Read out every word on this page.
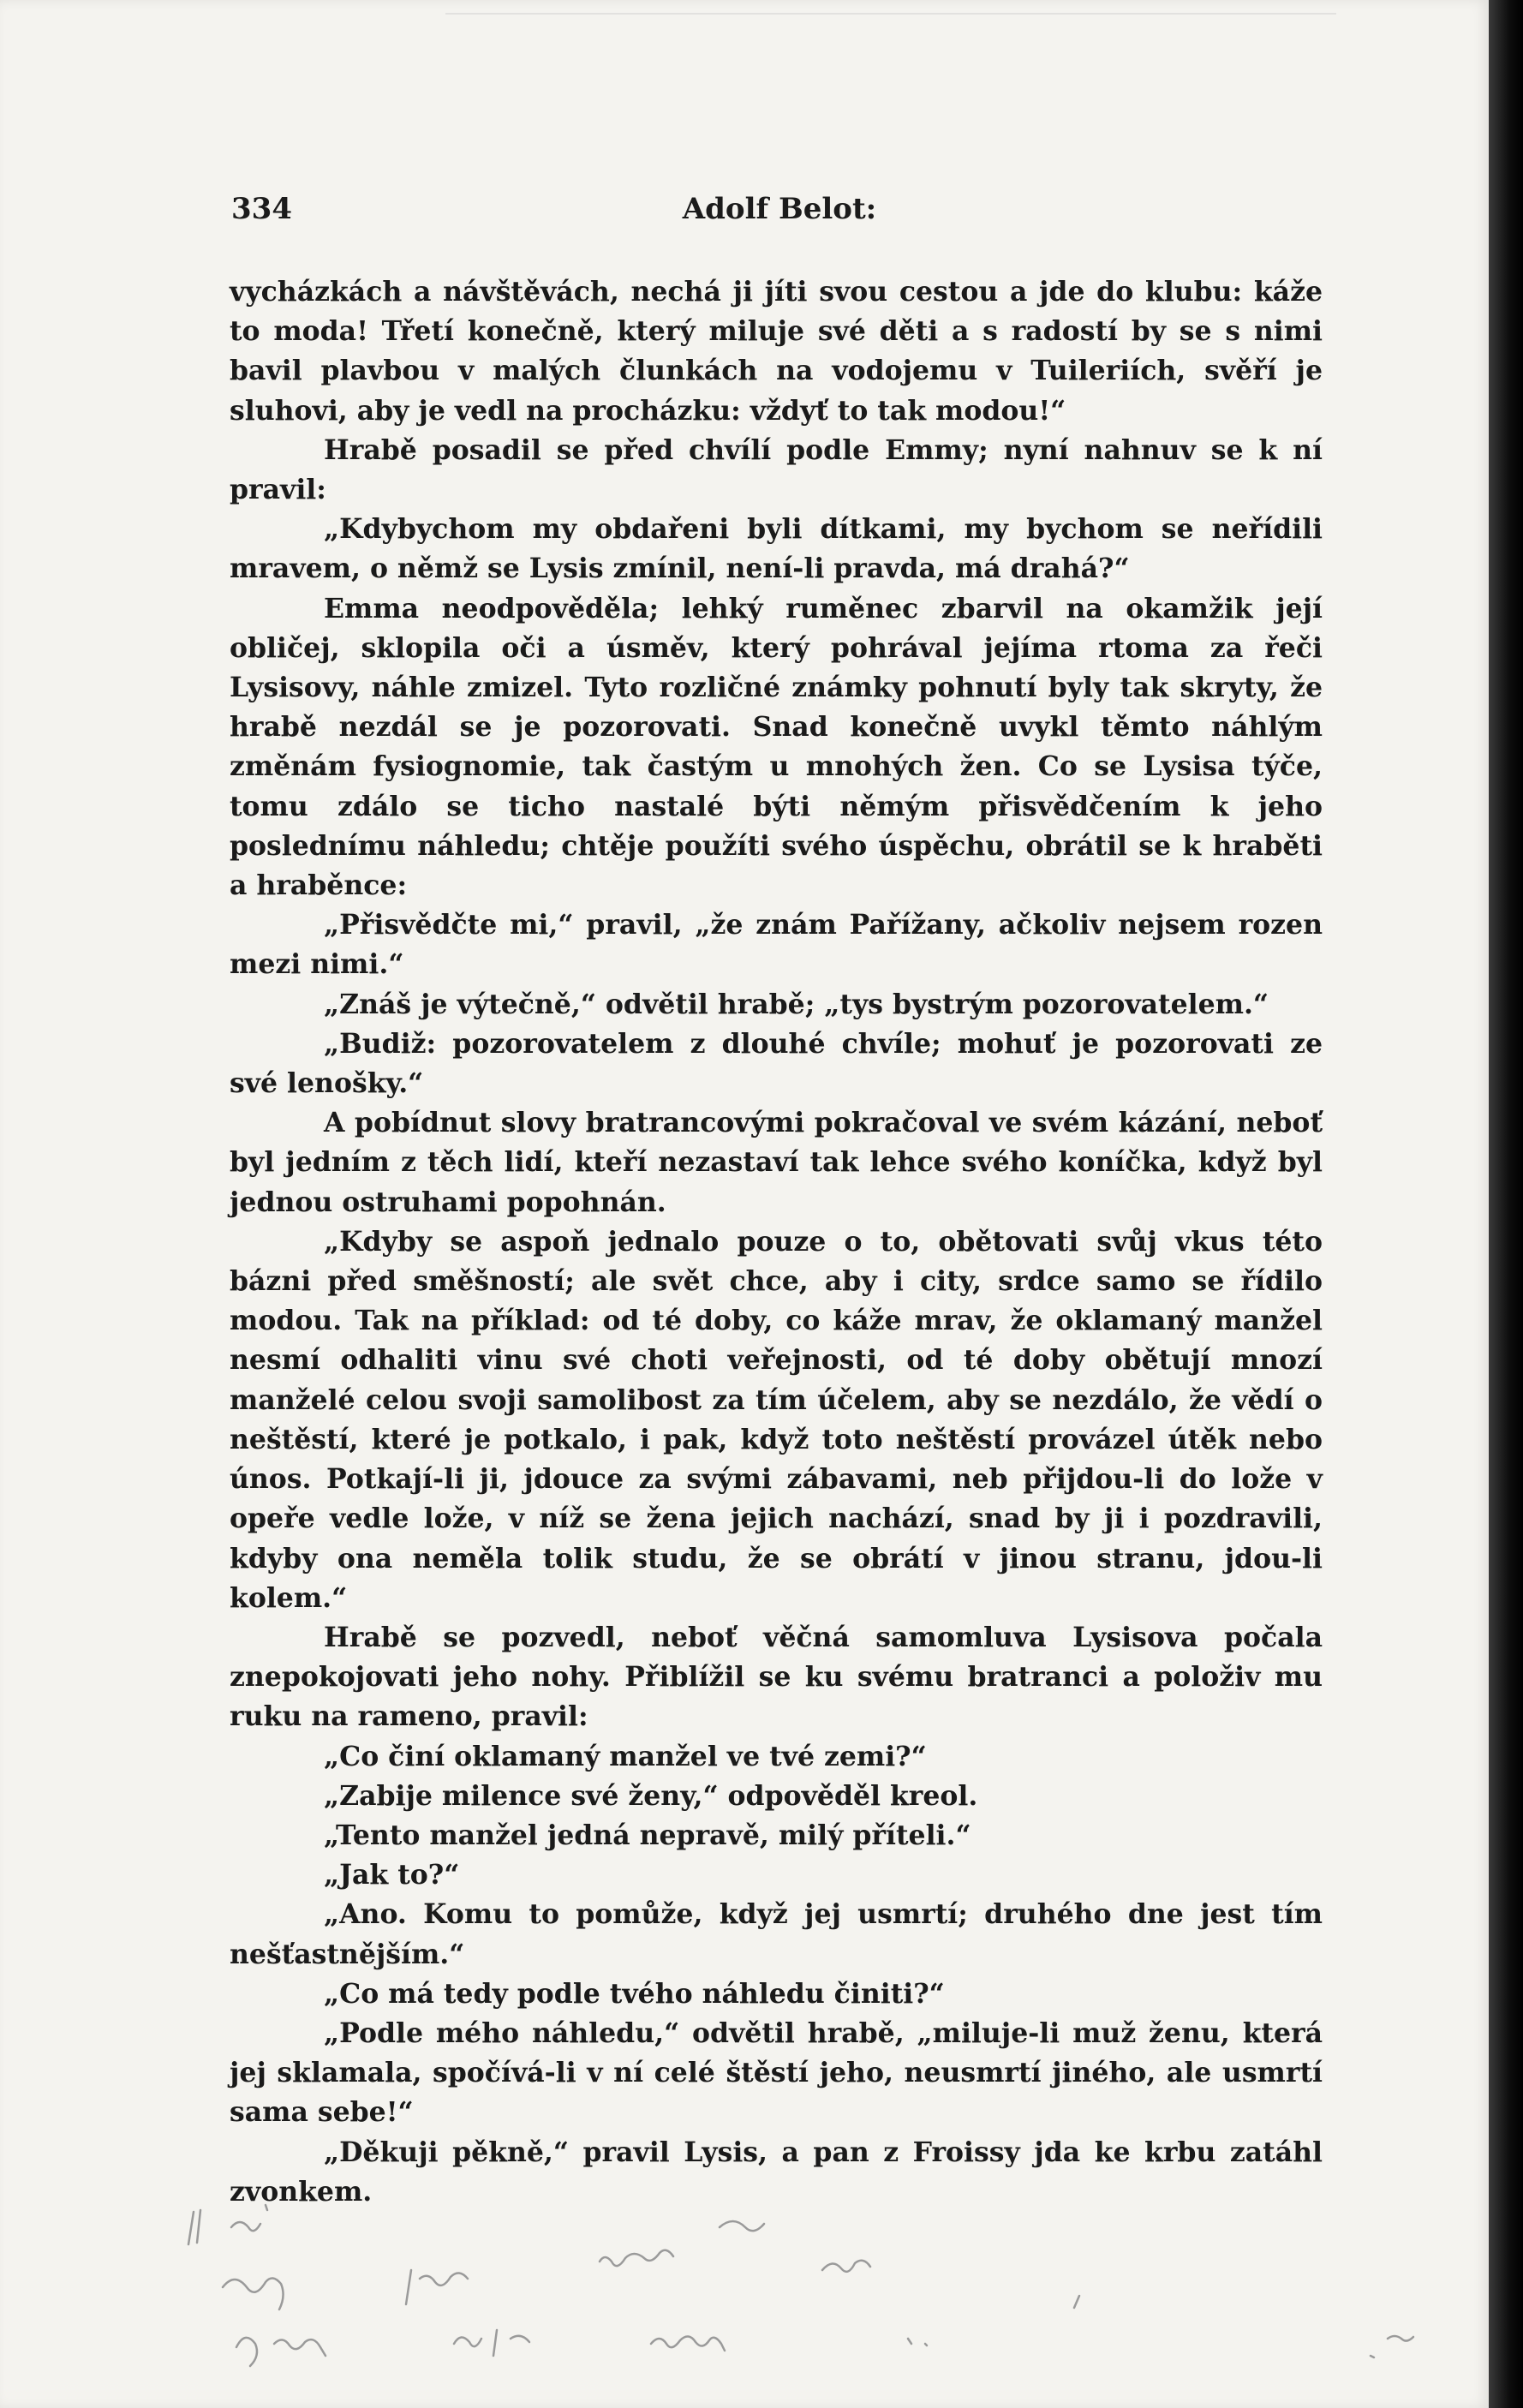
334	Adolf Belot:

vycházkách a návštěvách, nechá ji jíti svou cestou a jde do klubu: káže to moda! Třetí konečně, který miluje své děti a s radostí by se s nimi bavil plavbou v malých člunkách na vodojemu v Tuileriích, svěří je sluhovi, aby je vedl na procházku: vždyť to tak modou!“

Hrabě posadil se před chvílí podle Emmy; nyní nahnuv se k ní pravil:

„Kdybychom my obdařeni byli dítkami, my bychom se neřídili mravem, o němž se Lysis zmínil, není-li pravda, má drahá?“

Emma neodpověděla; lehký ruměnec zbarvil na okamžik její obličej, sklopila oči a úsměv, který pohrával jejíma rtoma za řeči Lysisovy, náhle zmizel. Tyto rozličné známky pohnutí byly tak skryty, že hrabě nezdál se je pozorovati. Snad konečně uvykl těmto náhlým změnám fysiognomie, tak častým u mnohých žen. Co se Lysisa týče, tomu zdálo se ticho nastalé býti němým přisvědčením k jeho poslednímu náhledu; chtěje použíti svého úspěchu, obrátil se k hraběti a hraběnce:

„Přisvědčte mi,“ pravil, „že znám Pařížany, ačkoliv nejsem rozen mezi nimi.“

„Znáš je výtečně,“ odvětil hrabě; „tys bystrým pozorovatelem.“

„Budiž: pozorovatelem z dlouhé chvíle; mohuť je pozorovati ze své lenošky.“

A pobídnut slovy bratrancovými pokračoval ve svém kázání, neboť byl jedním z těch lidí, kteří nezastaví tak lehce svého koníčka, když byl jednou ostruhami popohnán.

„Kdyby se aspoň jednalo pouze o to, obětovati svůj vkus této bázni před směšností; ale svět chce, aby i city, srdce samo se řídilo modou. Tak na příklad: od té doby, co káže mrav, že oklamaný manžel nesmí odhaliti vinu své choti veřejnosti, od té doby obětují mnozí manželé celou svoji samolibost za tím účelem, aby se nezdálo, že vědí o neštěstí, které je potkalo, i pak, když toto neštěstí provázel útěk nebo únos. Potkají-li ji, jdouce za svými zábavami, neb přijdou-li do lože v opeře vedle lože, v níž se žena jejich nachází, snad by ji i pozdravili, kdyby ona neměla tolik studu, že se obrátí v jinou stranu, jdou-li kolem.“

Hrabě se pozvedl, neboť věčná samomluva Lysisova počala znepokojovati jeho nohy. Přiblížil se ku svému bratranci a položiv mu ruku na rameno, pravil:

„Co činí oklamaný manžel ve tvé zemi?“

„Zabije milence své ženy,“ odpověděl kreol.

„Tento manžel jedná nepravě, milý příteli.“

„Jak to?“

„Ano. Komu to pomůže, když jej usmrtí; druhého dne jest tím nešťastnějším.“

„Co má tedy podle tvého náhledu činiti?“

„Podle mého náhledu,“ odvětil hrabě, „miluje-li muž ženu, která jej sklamala, spočívá-li v ní celé štěstí jeho, neusmrtí jiného, ale usmrtí sama sebe!“

„Děkuji pěkně,“ pravil Lysis, a pan z Froissy jda ke krbu zatáhl zvonkem.
